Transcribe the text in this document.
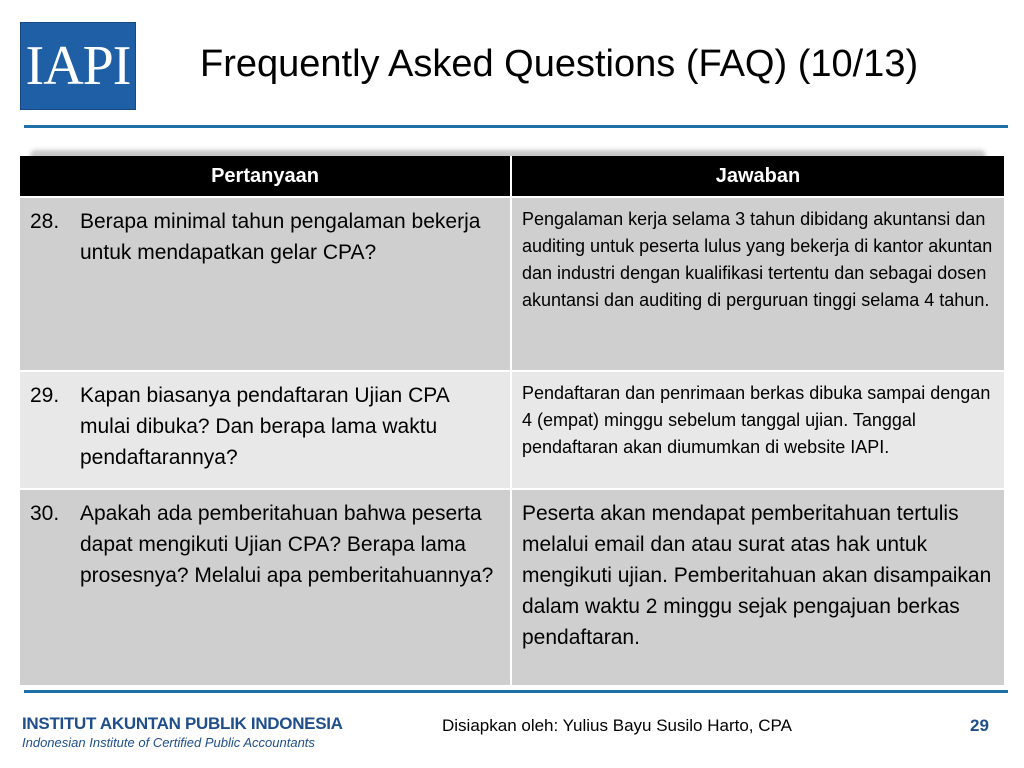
IAPI Frequently Asked Questions (FAQ) (10/13)
Pertanyaan	Jawaban

28. Berapa minimal tahun pengalaman bekerja untuk mendapatkan gelar CPA?	Pengalaman kerja selama 3 tahun dibidang akuntansi dan auditing untuk peserta lulus yang bekerja di kantor akuntan dan industri dengan kualifikasi tertentu dan sebagai dosen akuntansi dan auditing di perguruan tinggi selama 4 tahun.

29. Kapan biasanya pendaftaran Ujian CPA mulai dibuka? Dan berapa lama waktu pendaftarannya?	Pendaftaran dan penrimaan berkas dibuka sampai dengan 4 (empat) minggu sebelum tanggal ujian. Tanggal pendaftaran akan diumumkan di website IAPI.

30. Apakah ada pemberitahuan bahwa peserta dapat mengikuti Ujian CPA? Berapa lama prosesnya? Melalui apa pemberitahuannya?	Peserta akan mendapat pemberitahuan tertulis melalui email dan atau surat atas hak untuk mengikuti ujian. Pemberitahuan akan disampaikan dalam waktu 2 minggu sejak pengajuan berkas pendaftaran.
INSTITUT AKUNTAN PUBLIK INDONESIA
Indonesian Institute of Certified Public Accountants
Disiapkan oleh: Yulius Bayu Susilo Harto, CPA	29
